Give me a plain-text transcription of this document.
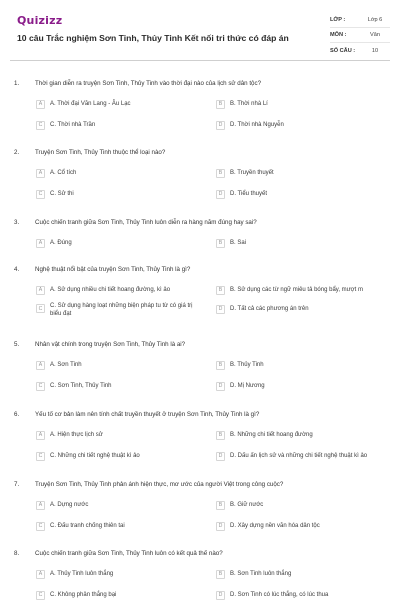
Quizizz
10 câu Trắc nghiệm Sơn Tinh, Thủy Tinh Kết nối tri thức có đáp án
LỚP :	Lớp 6
MÔN :	Văn
SỐ CÂU :	10
1.	Thời gian diễn ra truyện Sơn Tinh, Thủy Tinh vào thời đại nào của lịch sử dân tộc?
A	A. Thời đại Văn Lang - Âu Lạc	B	B. Thời nhà Lí
C	C. Thời nhà Trần	D	D. Thời nhà Nguyễn
2.	Truyện Sơn Tinh, Thủy Tinh thuộc thể loại nào?
A	A. Cổ tích	B	B. Truyền thuyết
C	C. Sử thi	D	D. Tiểu thuyết
3.	Cuộc chiến tranh giữa Sơn Tinh, Thủy Tinh luôn diễn ra hàng năm đúng hay sai?
A	A. Đúng	B	B. Sai
4.	Nghệ thuật nổi bật của truyện Sơn Tinh, Thủy Tinh là gì?
A	A. Sử dụng nhiều chi tiết hoang đường, kì ảo	B	B. Sử dụng các từ ngữ miêu tả bóng bẩy, mượt m
C	C. Sử dụng hàng loạt những biện pháp tu từ có giá trị biểu đạt
D	D. Tất cả các phương án trên
5.	Nhân vật chính trong truyện Sơn Tinh, Thủy Tinh là ai?
A	A. Sơn Tinh	B	B. Thủy Tinh
C	C. Sơn Tinh, Thủy Tinh	D	D. Mị Nương
6.	Yếu tố cơ bản làm nên tính chất truyền thuyết ở truyện Sơn Tinh, Thủy Tinh là gì?
A	A. Hiện thực lịch sử	B	B. Những chi tiết hoang đường
C	C. Những chi tiết nghệ thuật kì ảo	D	D. Dấu ấn lịch sử và những chi tiết nghệ thuật kì ảo
7.	Truyện Sơn Tinh, Thủy Tinh phản ánh hiện thực, mơ ước của người Việt trong công cuộc?
A	A. Dựng nước	B	B. Giữ nước
C	C. Đấu tranh chống thiên tai	D	D. Xây dựng nền văn hóa dân tộc
8.	Cuộc chiến tranh giữa Sơn Tinh, Thủy Tinh luôn có kết quả thế nào?
A	A. Thủy Tinh luôn thắng	B	B. Sơn Tinh luôn thắng
C	C. Không phân thắng bại	D	D. Sơn Tinh có lúc thắng, có lúc thua
